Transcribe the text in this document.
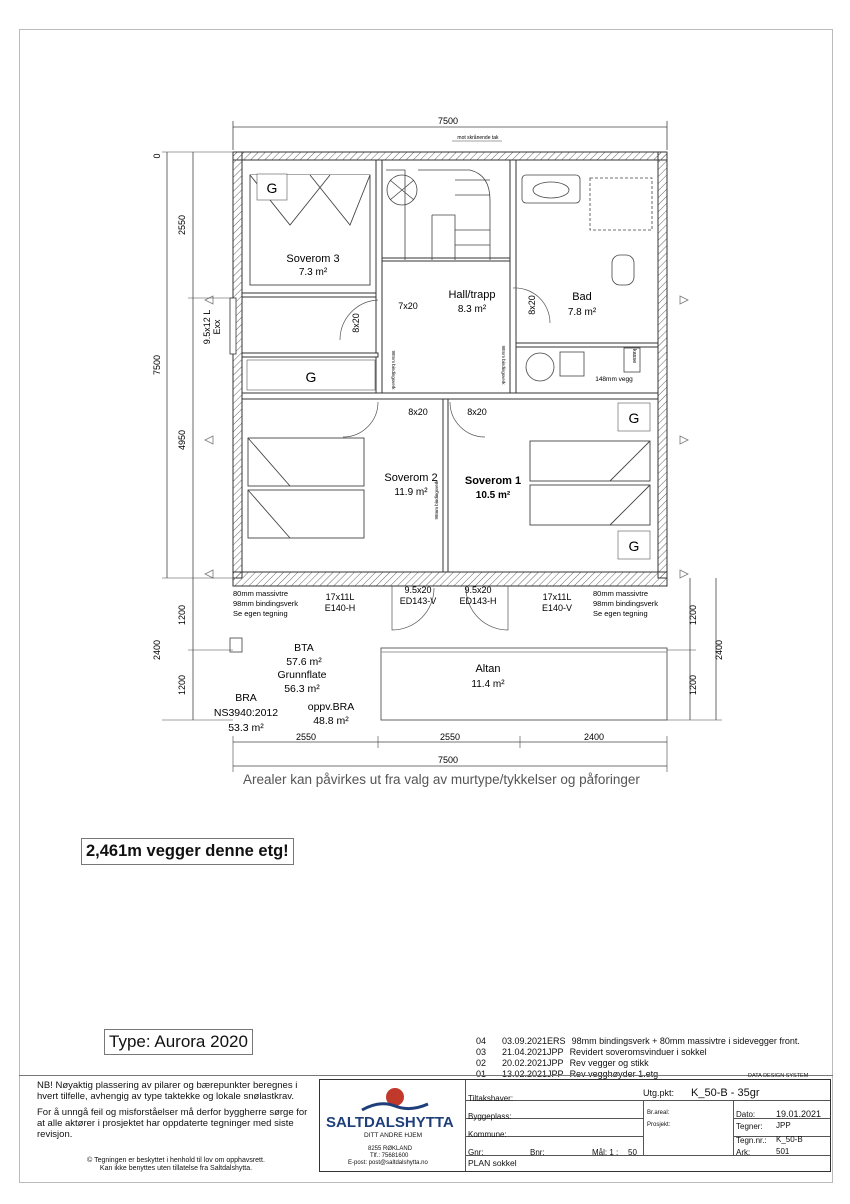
7500
mot skrånende tak
G
G
G
G
Soverom 3
7.3 m²
Hall/trapp
8.3 m²
Bad
7.8 m²
Soverom 2
11.9 m²
Soverom 1
10.5 m²
Altan
11.4 m²
7x20
8x20
8x20
8x20	8x20
148mm vegg
kasse
98mm bindingsverk	98mm bindingsverk
98mm bindingsverk
9.5x12 L Exx
0
2550
7500
4950
1200
2400
1200
1200
2400
1200
80mm massivtre
98mm bindingsverk
Se egen tegning
17x11L
E140-H
9.5x20
ED143-V
80mm massivtre
98mm bindingsverk
Se egen tegning
17x11L
E140-V
9.5x20
ED143-H
BTA
57.6 m²
Grunnflate
56.3 m²
BRA
NS3940:2012
53.3 m²
oppv.BRA
48.8 m²
2550	2550	2400
7500
Arealer kan påvirkes ut fra valg av murtype/tykkelser og påforinger
2,461m vegger denne etg!
Type: Aurora 2020	04	03.09.2021 ERS 98mm bindingsverk + 80mm massivtre i sidevegger front.
03	21.04.2021 JPP Revidert soveromsvinduer i sokkel
02	20.02.2021 JPP Rev vegger og stikk
01	13.02.2021 JPP Rev vegghøyder 1.etg

NB! Nøyaktig plassering av pilarer og bærepunkter beregnes i hvert tilfelle, avhengig av type taktekke og lokale snølastkrav.

For å unngå feil og misforståelser må derfor byggherre sørge for at alle aktører i prosjektet har oppdaterte tegninger med siste revisjon.

© Tegningen er beskyttet i henhold til lov om opphavsrett.
Kan ikke benyttes uten tillatelse fra Saltdalshytta.
SALTDALSHYTTA
DITT ANDRE HJEM
8255 RØKLAND
Tlf.: 75681600
E-post: post@saltdalshytta.no
DATA DESIGN SYSTEM
Tiltakshaver:
Byggeplass:
Kommune:
Gnr:	Bnr:	Mål: 1 : 50
PLAN sokkel
Utg.pkt: K_50-B - 35gr
Br.areal:
Prosjekt:
Dato: 19.01.2021
Tegner: JPP
Tegn.nr.: K_50-B
Ark:	501
